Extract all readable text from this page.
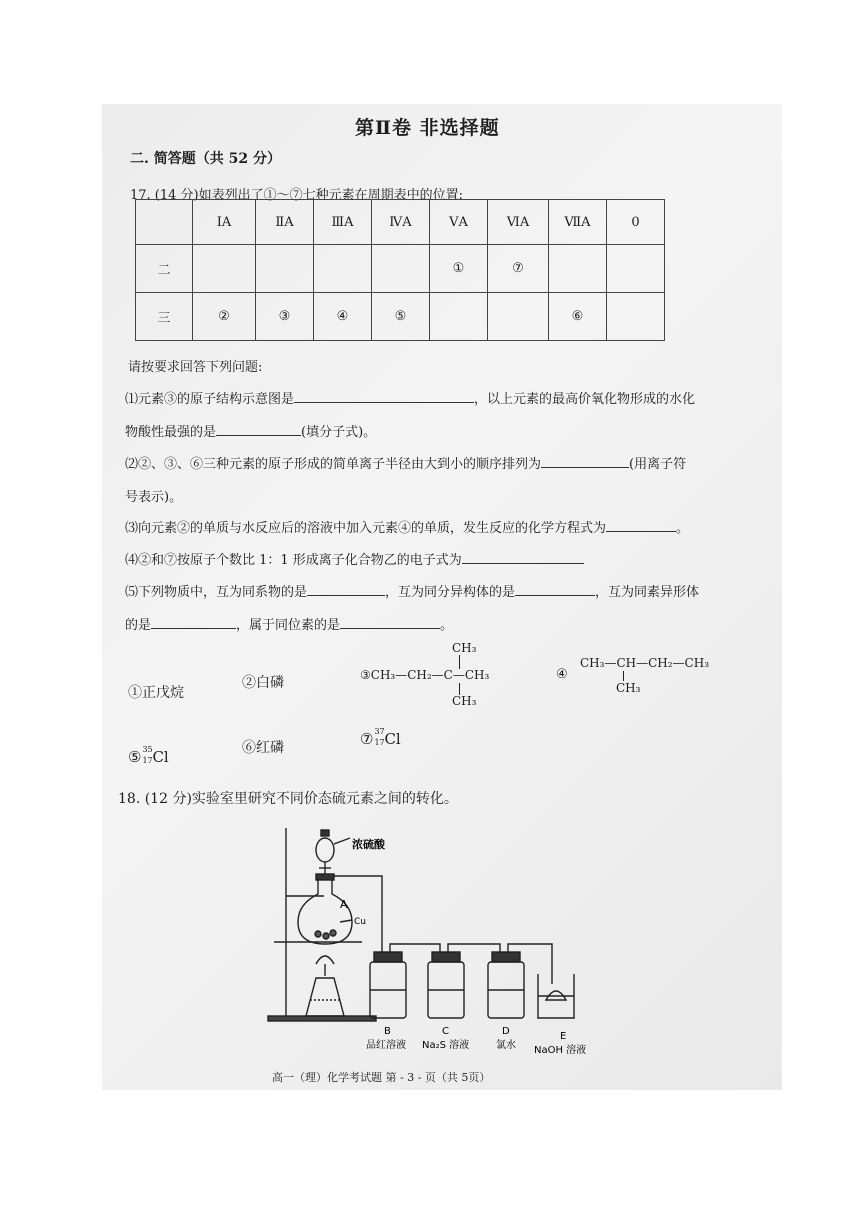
第Ⅱ卷 非选择题
二. 简答题（共 52 分）
17. (14 分)如表列出了①～⑦七种元素在周期表中的位置:
	ⅠA	ⅡA	ⅢA	ⅣA	ⅤA	ⅥA	ⅦA	0
二					①	⑦		
三	②	③	④	⑤			⑥	
请按要求回答下列问题:
⑴元素③的原子结构示意图是	，以上元素的最高价氧化物形成的水化
物酸性最强的是	(填分子式)。
⑵②、③、⑥三种元素的原子形成的简单离子半径由大到小的顺序排列为	(用离子符
号表示)。
⑶向元素②的单质与水反应后的溶液中加入元素④的单质，发生反应的化学方程式为	。
⑷②和⑦按原子个数比 1：1 形成离子化合物乙的电子式为
⑸下列物质中，互为同系物的是	，互为同分异构体的是	，互为同素异形体
的是	，属于同位素的是	。
①正戊烷
②白磷
CH₃
③CH₃—CH₂—C—CH₃
CH₃
④
CH₃—CH—CH₂—CH₃
CH₃
⑤ 35
17 Cl	⑥红磷	⑦ 37
17 Cl
18. (12 分)实验室里研究不同价态硫元素之间的转化。
浓硫酸
A
Cu
B
品红溶液
C
Na₂S 溶液
D
氯水
E
NaOH 溶液
高一（理）化学考试题 第 - 3 - 页（共 5页）
